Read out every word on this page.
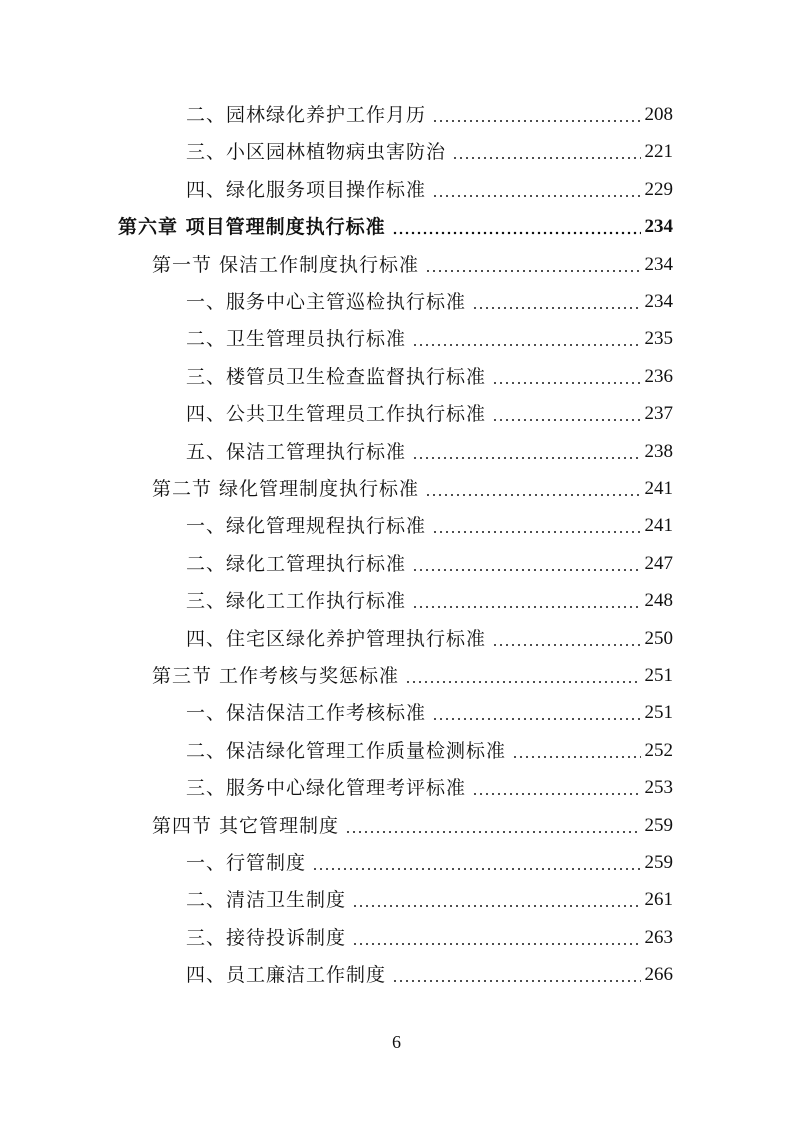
二、园林绿化养护工作月历	208
三、小区园林植物病虫害防治	221
四、绿化服务项目操作标准	229
第六章 项目管理制度执行标准	234
第一节 保洁工作制度执行标准	234
一、服务中心主管巡检执行标准	234
二、卫生管理员执行标准	235
三、楼管员卫生检查监督执行标准	236
四、公共卫生管理员工作执行标准	237
五、保洁工管理执行标准	238
第二节 绿化管理制度执行标准	241
一、绿化管理规程执行标准	241
二、绿化工管理执行标准	247
三、绿化工工作执行标准	248
四、住宅区绿化养护管理执行标准	250
第三节 工作考核与奖惩标准	251
一、保洁保洁工作考核标准	251
二、保洁绿化管理工作质量检测标准	252
三、服务中心绿化管理考评标准	253
第四节 其它管理制度	259
一、行管制度	259
二、清洁卫生制度	261
三、接待投诉制度	263
四、员工廉洁工作制度	266
6
